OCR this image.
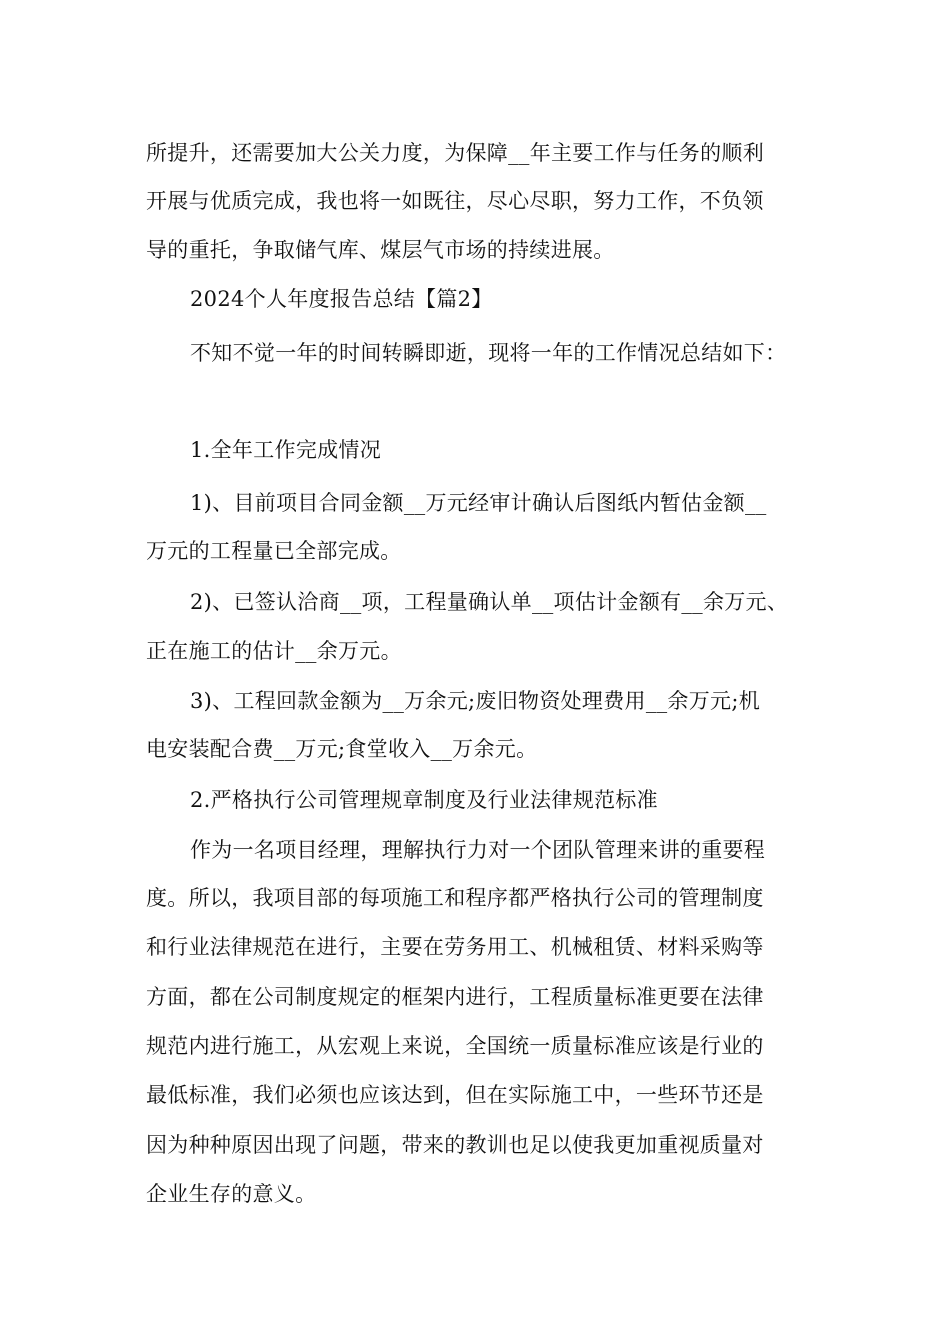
所提升，还需要加大公关力度，为保障__年主要工作与任务的顺利
开展与优质完成，我也将一如既往，尽心尽职，努力工作，不负领
导的重托，争取储气库、煤层气市场的持续进展。
2024个人年度报告总结【篇2】
不知不觉一年的时间转瞬即逝，现将一年的工作情况总结如下：
1.全年工作完成情况
1)、目前项目合同金额__万元经审计确认后图纸内暂估金额__
万元的工程量已全部完成。
2)、已签认洽商__项，工程量确认单__项估计金额有__余万元、
正在施工的估计__余万元。
3)、工程回款金额为__万余元;废旧物资处理费用__余万元;机
电安装配合费__万元;食堂收入__万余元。
2.严格执行公司管理规章制度及行业法律规范标准
作为一名项目经理，理解执行力对一个团队管理来讲的重要程
度。所以，我项目部的每项施工和程序都严格执行公司的管理制度
和行业法律规范在进行，主要在劳务用工、机械租赁、材料采购等
方面，都在公司制度规定的框架内进行，工程质量标准更要在法律
规范内进行施工，从宏观上来说，全国统一质量标准应该是行业的
最低标准，我们必须也应该达到，但在实际施工中，一些环节还是
因为种种原因出现了问题，带来的教训也足以使我更加重视质量对
企业生存的意义。
